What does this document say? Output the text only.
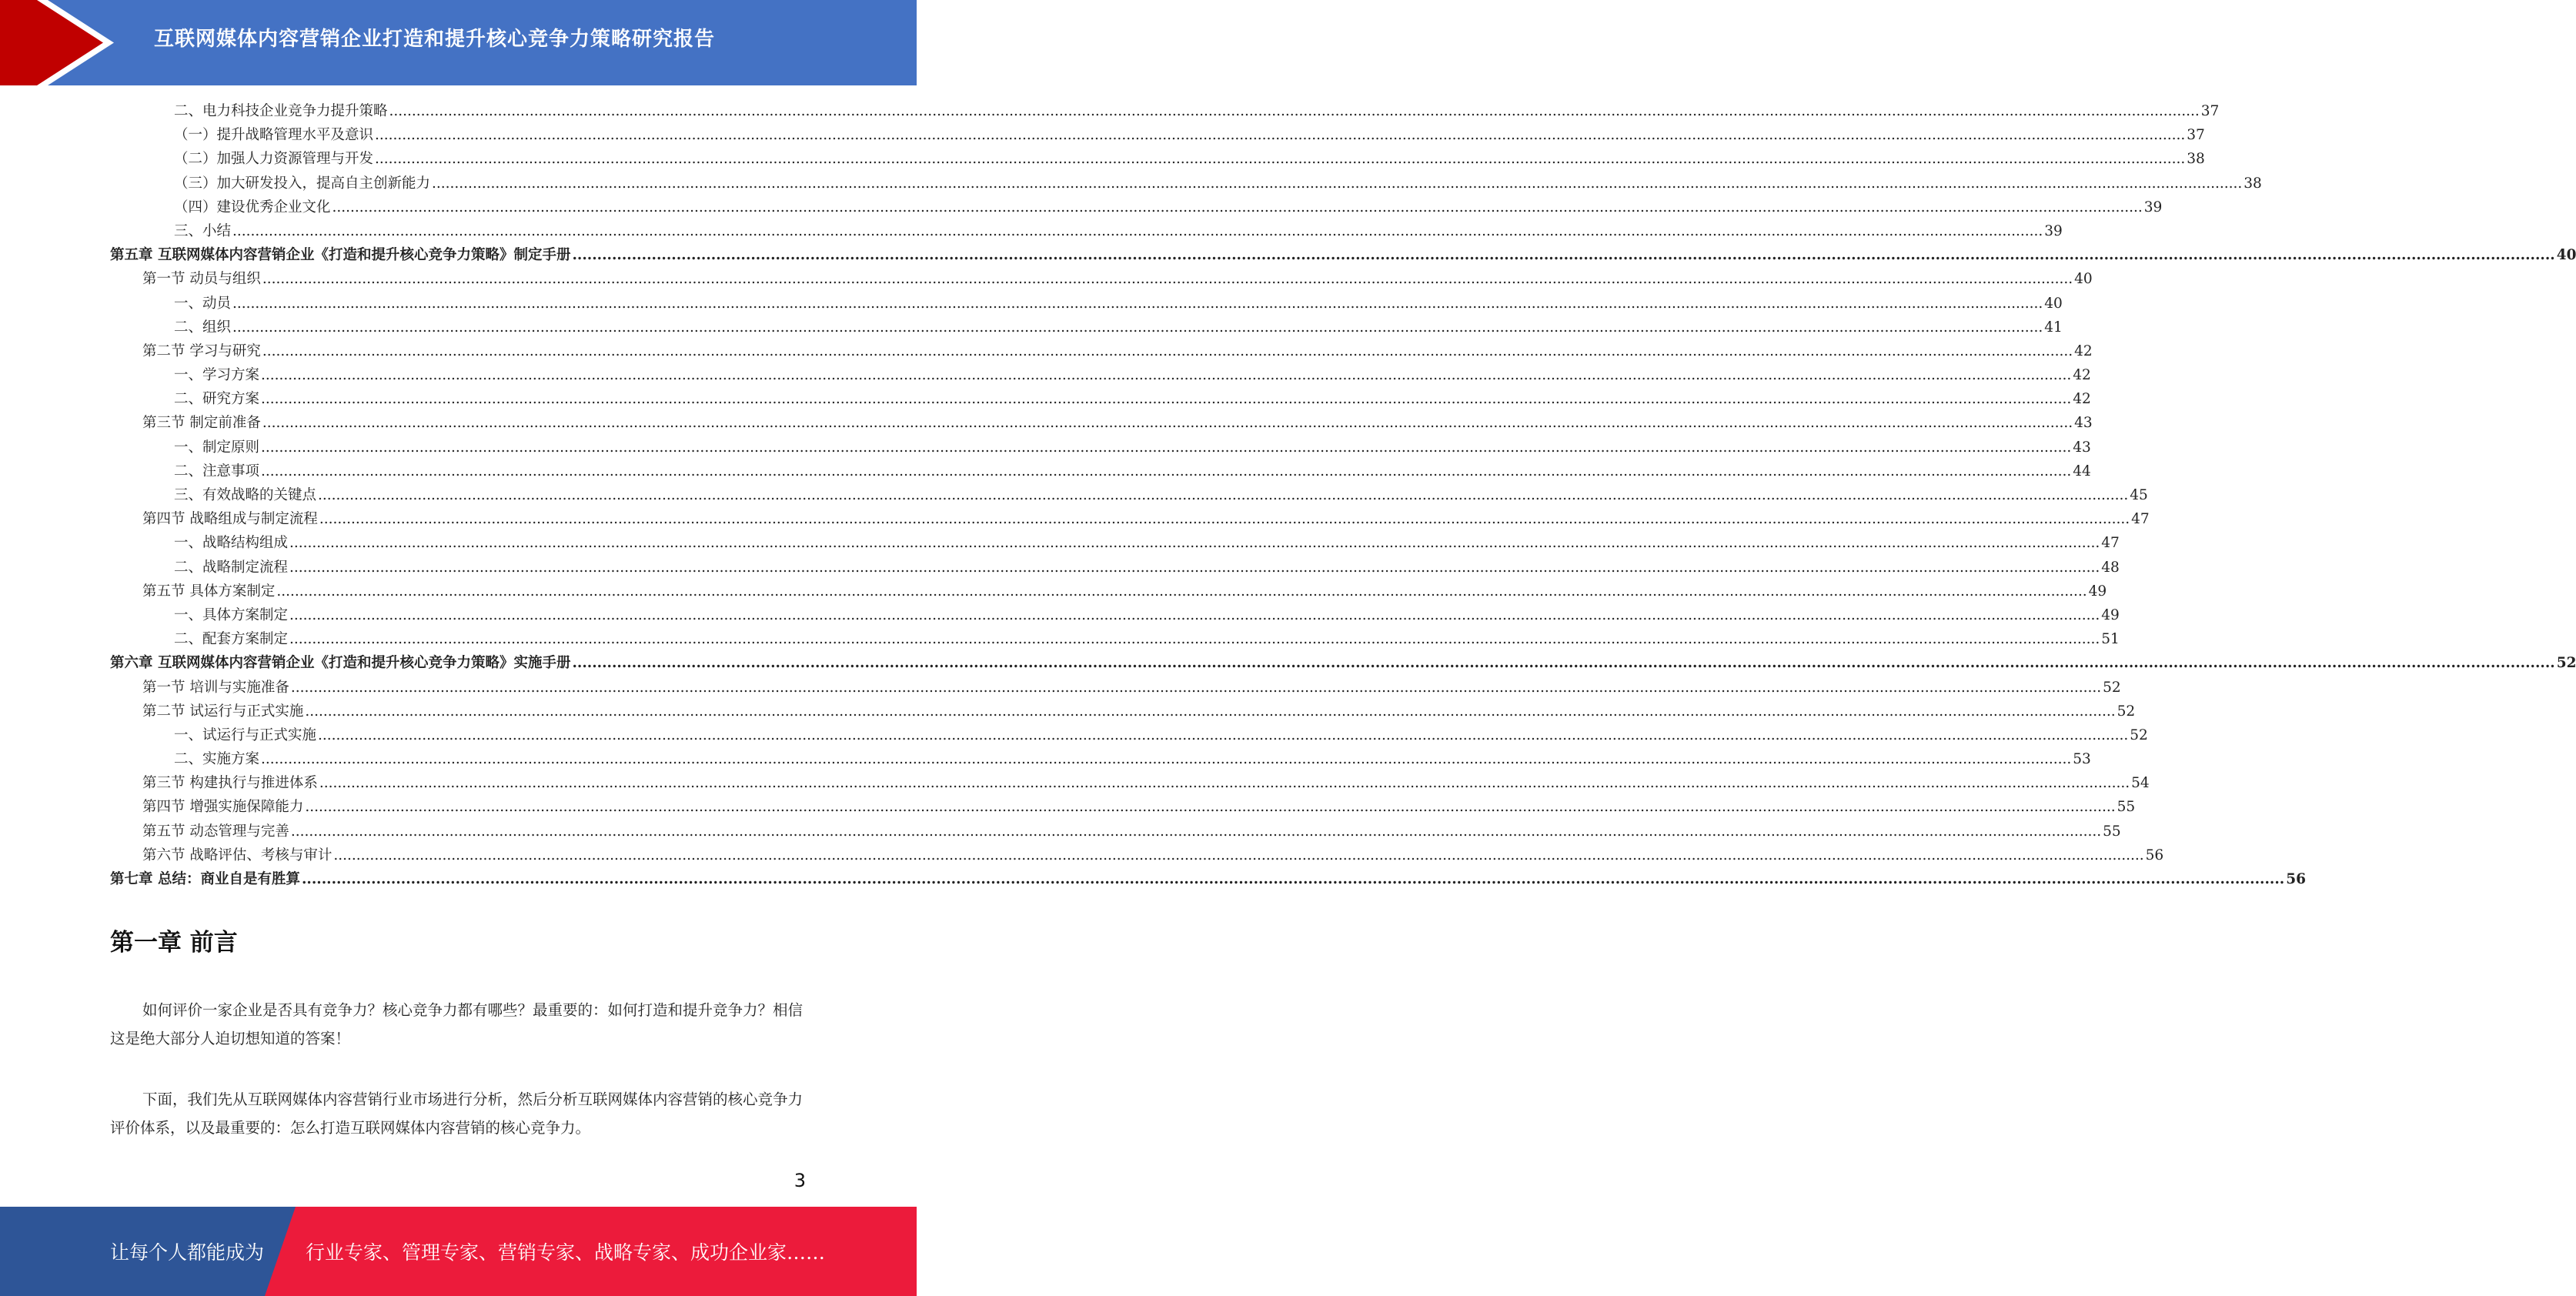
互联网媒体内容营销企业打造和提升核心竞争力策略研究报告
二、电力科技企业竞争力提升策略 ................................................................................................................................................................................................................................................................................................................................................................................................................ 37
（一）提升战略管理水平及意识 ................................................................................................................................................................................................................................................................................................................................................................................................................ 37
（二）加强人力资源管理与开发 ................................................................................................................................................................................................................................................................................................................................................................................................................ 38
（三）加大研发投入，提高自主创新能力 ................................................................................................................................................................................................................................................................................................................................................................................................................ 38
（四）建设优秀企业文化 ................................................................................................................................................................................................................................................................................................................................................................................................................ 39
三、小结 ................................................................................................................................................................................................................................................................................................................................................................................................................ 39
第五章 互联网媒体内容营销企业《打造和提升核心竞争力策略》制定手册 ................................................................................................................................................................................................................................................................................................................................................................................................................ 40
第一节 动员与组织 ................................................................................................................................................................................................................................................................................................................................................................................................................ 40
一、动员 ................................................................................................................................................................................................................................................................................................................................................................................................................ 40
二、组织 ................................................................................................................................................................................................................................................................................................................................................................................................................ 41
第二节 学习与研究 ................................................................................................................................................................................................................................................................................................................................................................................................................ 42
一、学习方案 ................................................................................................................................................................................................................................................................................................................................................................................................................ 42
二、研究方案 ................................................................................................................................................................................................................................................................................................................................................................................................................ 42
第三节 制定前准备 ................................................................................................................................................................................................................................................................................................................................................................................................................ 43
一、制定原则 ................................................................................................................................................................................................................................................................................................................................................................................................................ 43
二、注意事项 ................................................................................................................................................................................................................................................................................................................................................................................................................ 44
三、有效战略的关键点 ................................................................................................................................................................................................................................................................................................................................................................................................................ 45
第四节 战略组成与制定流程 ................................................................................................................................................................................................................................................................................................................................................................................................................ 47
一、战略结构组成 ................................................................................................................................................................................................................................................................................................................................................................................................................ 47
二、战略制定流程 ................................................................................................................................................................................................................................................................................................................................................................................................................ 48
第五节 具体方案制定 ................................................................................................................................................................................................................................................................................................................................................................................................................ 49
一、具体方案制定 ................................................................................................................................................................................................................................................................................................................................................................................................................ 49
二、配套方案制定 ................................................................................................................................................................................................................................................................................................................................................................................................................ 51
第六章 互联网媒体内容营销企业《打造和提升核心竞争力策略》实施手册 ................................................................................................................................................................................................................................................................................................................................................................................................................ 52
第一节 培训与实施准备 ................................................................................................................................................................................................................................................................................................................................................................................................................ 52
第二节 试运行与正式实施 ................................................................................................................................................................................................................................................................................................................................................................................................................ 52
一、试运行与正式实施 ................................................................................................................................................................................................................................................................................................................................................................................................................ 52
二、实施方案 ................................................................................................................................................................................................................................................................................................................................................................................................................ 53
第三节 构建执行与推进体系 ................................................................................................................................................................................................................................................................................................................................................................................................................ 54
第四节 增强实施保障能力 ................................................................................................................................................................................................................................................................................................................................................................................................................ 55
第五节 动态管理与完善 ................................................................................................................................................................................................................................................................................................................................................................................................................ 55
第六节 战略评估、考核与审计 ................................................................................................................................................................................................................................................................................................................................................................................................................ 56
第七章 总结：商业自是有胜算 ................................................................................................................................................................................................................................................................................................................................................................................................................ 56
第一章 前言

如何评价一家企业是否具有竞争力？核心竞争力都有哪些？最重要的：如何打造和提升竞争力？相信这是绝大部分人迫切想知道的答案！

下面，我们先从互联网媒体内容营销行业市场进行分析，然后分析互联网媒体内容营销的核心竞争力评价体系，以及最重要的：怎么打造互联网媒体内容营销的核心竞争力。

3
让每个人都能成为 行业专家、管理专家、营销专家、战略专家、成功企业家……
